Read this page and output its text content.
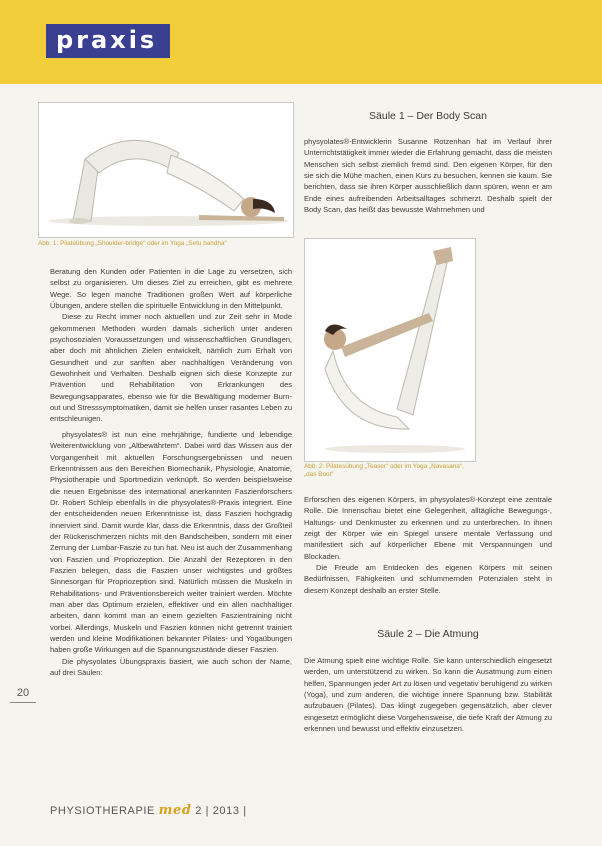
praxis
Abb. 1: Pilateübung „Shoulder-bridge“ oder im Yoga „Setu bandha“
Abb. 2: Pilatesübung „Teaser“ oder im Yoga „Navasana“, „das Boot“

Beratung den Kunden oder Patienten in die Lage zu versetzen, sich selbst zu organisieren. Um dieses Ziel zu erreichen, gibt es mehrere Wege. So legen manche Traditionen großen Wert auf körperliche Übungen, andere stellen die spirituelle Entwicklung in den Mittelpunkt.

Diese zu Recht immer noch aktuellen und zur Zeit sehr in Mode gekommenen Methoden wurden damals sicherlich unter anderen psychosozialen Voraussetzungen und wissenschaftlichen Grundlagen, aber doch mit ähnlichen Zielen entwickelt, nämlich zum Erhalt von Gesundheit und zur sanften aber nachhaltigen Veränderung von Gewohnheit und Verhalten. Deshalb eignen sich diese Konzepte zur Prävention und Rehabilitation von Erkrankungen des Bewegungsapparates, ebenso wie für die Bewältigung moderner Burn-out und Stresssymptomatiken, damit sie helfen unser rasantes Leben zu entschleunigen.

physyolates® ist nun eine mehrjährige, fundierte und lebendige Weiterentwicklung von „Altbewährtem“. Dabei wird das Wissen aus der Vorgangenheit mit aktuellen Forschungsergebnissen und neuen Erkenntnissen aus den Bereichen Biomechanik, Physiologie, Anatomie, Physiotherapie und Sportmedizin verknüpft. So werden beispielsweise die neuen Ergebnisse des international anerkannten Faszienforschers Dr. Robert Schleip ebenfalls in die physyolates®-Praxis integriert. Eine der entscheidenden neuen Erkenntnisse ist, dass Faszien hochgradig innerviert sind. Damit wurde klar, dass die Erkenntnis, dass der Großteil der Rückenschmerzen nichts mit den Bandscheiben, sondern mit einer Zerrung der Lumbar-Faszie zu tun hat. Neu ist auch der Zusammenhang von Faszien und Propriozeption. Die Anzahl der Rezeptoren in den Faszien belegen, dass die Faszien unser wichtigstes und größtes Sinnesorgan für Propriozeption sind. Natürlich müssen die Muskeln in Rehabilitations- und Präventionsbereich weiter trainiert werden. Möchte man aber das Optimum erzielen, effektiver und ein allen nachhaltiger arbeiten, dann kommt man an einem gezielten Faszientraining nicht vorbei. Allerdings, Muskeln und Faszien können nicht getrennt trainiert werden und kleine Modifikationen bekannter Pilates- und Yogaübungen haben große Wirkungen auf die Spannungszustände dieser Faszien.

Die physyolates Übungspraxis basiert, wie auch schon der Name, auf drei Säulen:

Säule 1 – Der Body Scan

physyolates®-Entwicklerin Susanne Rotzenhan hat im Verlauf ihrer Unterrichtstätigkeit immer wieder die Erfahrung gemacht, dass die meisten Menschen sich selbst ziemlich fremd sind. Den eigenen Körper, für den sie sich die Mühe machen, einen Kurs zu besuchen, kennen sie kaum. Sie berichten, dass sie ihren Körper ausschließlich dann spüren, wenn er am Ende eines aufreibenden Arbeitsalltages schmerzt. Deshalb spielt der Body Scan, das heißt das bewusste Wahrnehmen und

Erforschen des eigenen Körpers, im physyolates®-Konzept eine zentrale Rolle. Die Innenschau bietet eine Gelegenheit, alltägliche Bewegungs-, Haltungs- und Denkmuster zu erkennen und zu unterbrechen. In ihnen zeigt der Körper wie ein Spiegel unsere mentale Verfassung und manifestiert sich auf körperlicher Ebene mit Verspannungen und Blockaden.

Die Freude am Entdecken des eigenen Körpers mit seinen Bedürfnissen, Fähigkeiten und schlummernden Potenzialen steht in diesem Konzept deshalb an erster Stelle.

Säule 2 – Die Atmung

Die Atmung spielt eine wichtige Rolle. Sie kann unterschiedlich eingesetzt werden, um unterstützend zu wirken. So kann die Ausatmung zum einen helfen, Spannungen jeder Art zu lösen und vegetativ beruhigend zu wirken (Yoga), und zum anderen, die wichtige innere Spannung bzw. Stabilität aufzubauen (Pilates). Das klingt zugegeben gegensätzlich, aber clever eingesetzt ermöglicht diese Vorgehensweise, die tiefe Kraft der Atmung zu erkennen und bewusst und effektiv einzusetzen.

20
PHYSIOTHERAPIE med 2 | 2013 |
